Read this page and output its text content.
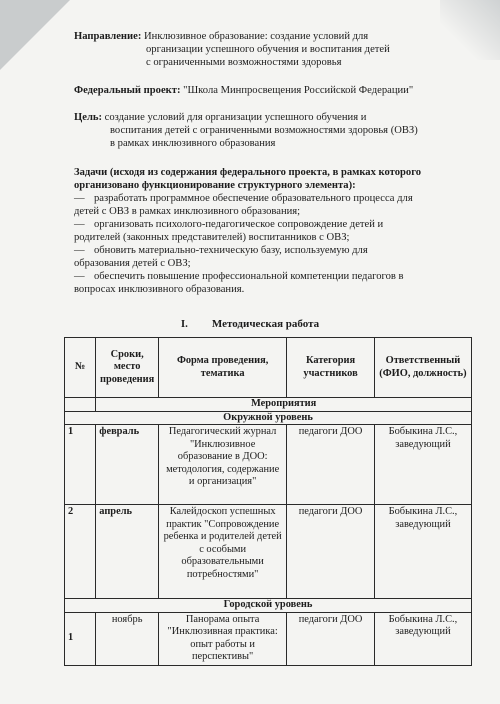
Направление: Инклюзивное образование: создание условий для
организации успешного обучения и воспитания детей
с ограниченными возможностями здоровья
Федеральный проект: "Школа Минпросвещения Российской Федерации"
Цель: создание условий для организации успешного обучения и
воспитания детей с ограниченными возможностями здоровья (ОВЗ)
в рамках инклюзивного образования
Задачи (исходя из содержания федерального проекта, в рамках которого
организовано функционирование структурного элемента):
— разработать программное обеспечение образовательного процесса для
детей с ОВЗ в рамках инклюзивного образования;
— организовать психолого-педагогическое сопровождение детей и
родителей (законных представителей) воспитанников с ОВЗ;
— обновить материально-техническую базу, используемую для
образования детей с ОВЗ;
— обеспечить повышение профессиональной компетенции педагогов в
вопросах инклюзивного образования.
I. Методическая работа
№	Сроки, место проведения	Форма проведения, тематика	Категория участников	Ответственный (ФИО, должность)
	Мероприятия			
Окружной уровень				
1	февраль	Педагогический журнал "Инклюзивное образование в ДОО: методология, содержание и организация"	педагоги ДОО	Бобыкина Л.С., заведующий
2	апрель	Калейдоскоп успешных практик "Сопровождение ребенка и родителей детей с особыми образовательными потребностями"	педагоги ДОО	Бобыкина Л.С., заведующий
Городской уровень				
1	ноябрь	Панорама опыта "Инклюзивная практика: опыт работы и перспективы"	педагоги ДОО	Бобыкина Л.С., заведующий
